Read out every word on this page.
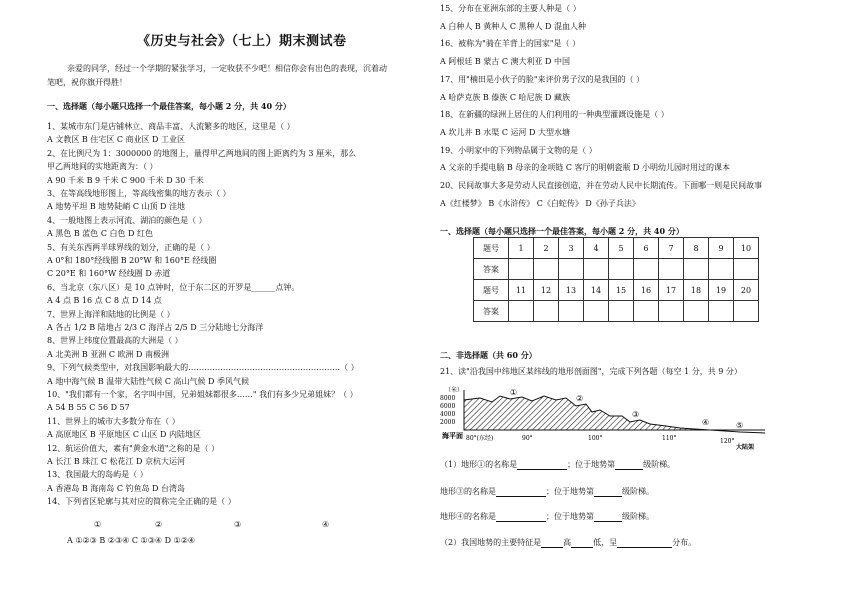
《历史与社会》（七上）期末测试卷
亲爱的同学，经过一个学期的紧张学习，一定收获不少吧！相信你会有出色的表现，沉着动
笔吧，祝你旗开得胜！
一、选择题（每小题只选择一个最佳答案，每小题 2 分，共 40 分）
1、某城市东门是店铺林立、商品丰富、人流繁多的地区，这里是（ ）
A 文教区 B 住宅区 C 商业区 D 工业区
2、在比例尺为 1：3000000 的地图上，量得甲乙两地间的图上距离约为 3 厘米，那么
甲乙两地间的实地距离为：（ ）
A 90 千米 B 9 千米 C 900 千米 D 30 千米
3、在等高线地形图上，等高线密集的地方表示（ ）
A 地势平坦 B 地势陡峭 C 山顶 D 洼地
4、一般地图上表示河流、湖泊的颜色是（ ）
A 黑色 B 蓝色 C 白色 D 红色
5、有关东西两半球界线的划分，正确的是（ ）
A 0°和 180°经线圈 B 20°W 和 160°E 经线圈
C 20°E 和 160°W 经线圈 D 赤道
6、当北京（东八区）是 10 点钟时，位于东二区的开罗是______点钟。
A 4 点 B 16 点 C 8 点 D 14 点
7、世界上海洋和陆地的比例是（ ）
A 各占 1/2 B 陆地占 2/3 C 海洋占 2/5 D 三分陆地七分海洋
8、世界上纬度位置最高的大洲是（ ）
A 北美洲 B 亚洲 C 欧洲 D 南极洲
9、下列气候类型中，对我国影响最大的…………………………………………………（ ）
A 地中海气候 B 温带大陆性气候 C 高山气候 D 季风气候
10、"我们都有一个家，名字叫中国，兄弟姐妹都很多……" 我们有多少兄弟姐妹？（ ）
A 54 B 55 C 56 D 57
11、世界上的城市大多数分布在（ ）
A 高原地区 B 平原地区 C 山区 D 内陆地区
12、航运价值大，素有"黄金水道"之称的是（ ）
A 长江 B 珠江 C 松花江 D 京杭大运河
13、我国最大的岛屿是（ ）
A 香港岛 B 海南岛 C 钓鱼岛 D 台湾岛
14、下列省区轮廓与其对应的简称完全正确的是（ ）
①	②	③	④
A ①②③ B ②③④ C ①③④ D ①②④
15、分布在亚洲东部的主要人种是（ ）
A 白种人 B 黄种人 C 黑种人 D 混血人种
16、被称为"骑在羊背上的国家"是（ ）
A 阿根廷 B 蒙古 C 澳大利亚 D 中国
17、用"楠田是小伙子的脸"来评价男子汉的是我国的（ ）
A 哈萨克族 B 傣族 C 哈尼族 D 藏族
18、在新疆的绿洲上居住的人们利用的一种典型灌溉设施是（ ）
A 坎儿井 B 水渠 C 运河 D 大型水塘
19、小明家中的下列物品属于文物的是（ ）
A 父亲的手提电脑 B 母亲的金项链 C 客厅的明朝瓷瓶 D 小明幼儿园时用过的课本
20、民间故事大多是劳动人民直接创造，并在劳动人民中长期流传。下面哪一则是民间故事
A《红楼梦》 B《水浒传》 C《白蛇传》 D《孙子兵法》
一、选择题（每小题只选择一个最佳答案，每小题 2 分，共 40 分）
题号	1	2	3	4	5	6	7	8	9	10
答案										
题号	11	12	13	14	15	16	17	18	19	20
答案										
二、非选择题（共 60 分）
21、读"沿我国中纬地区某纬线的地形剖面图"，完成下列各题（每空 1 分，共 9 分）
（米）
8000
6000
4000
2000
海平面 80°(东经)	90°	100°	110°	120°
大陆架
①
②
③
④	⑤
（1）地形①的名称是	；位于地势第	级阶梯。
地形③的名称是	；位于地势第	级阶梯。
地形④的名称是	；位于地势第	级阶梯。
（2）我国地势的主要特征是	高	低，呈	分布。
